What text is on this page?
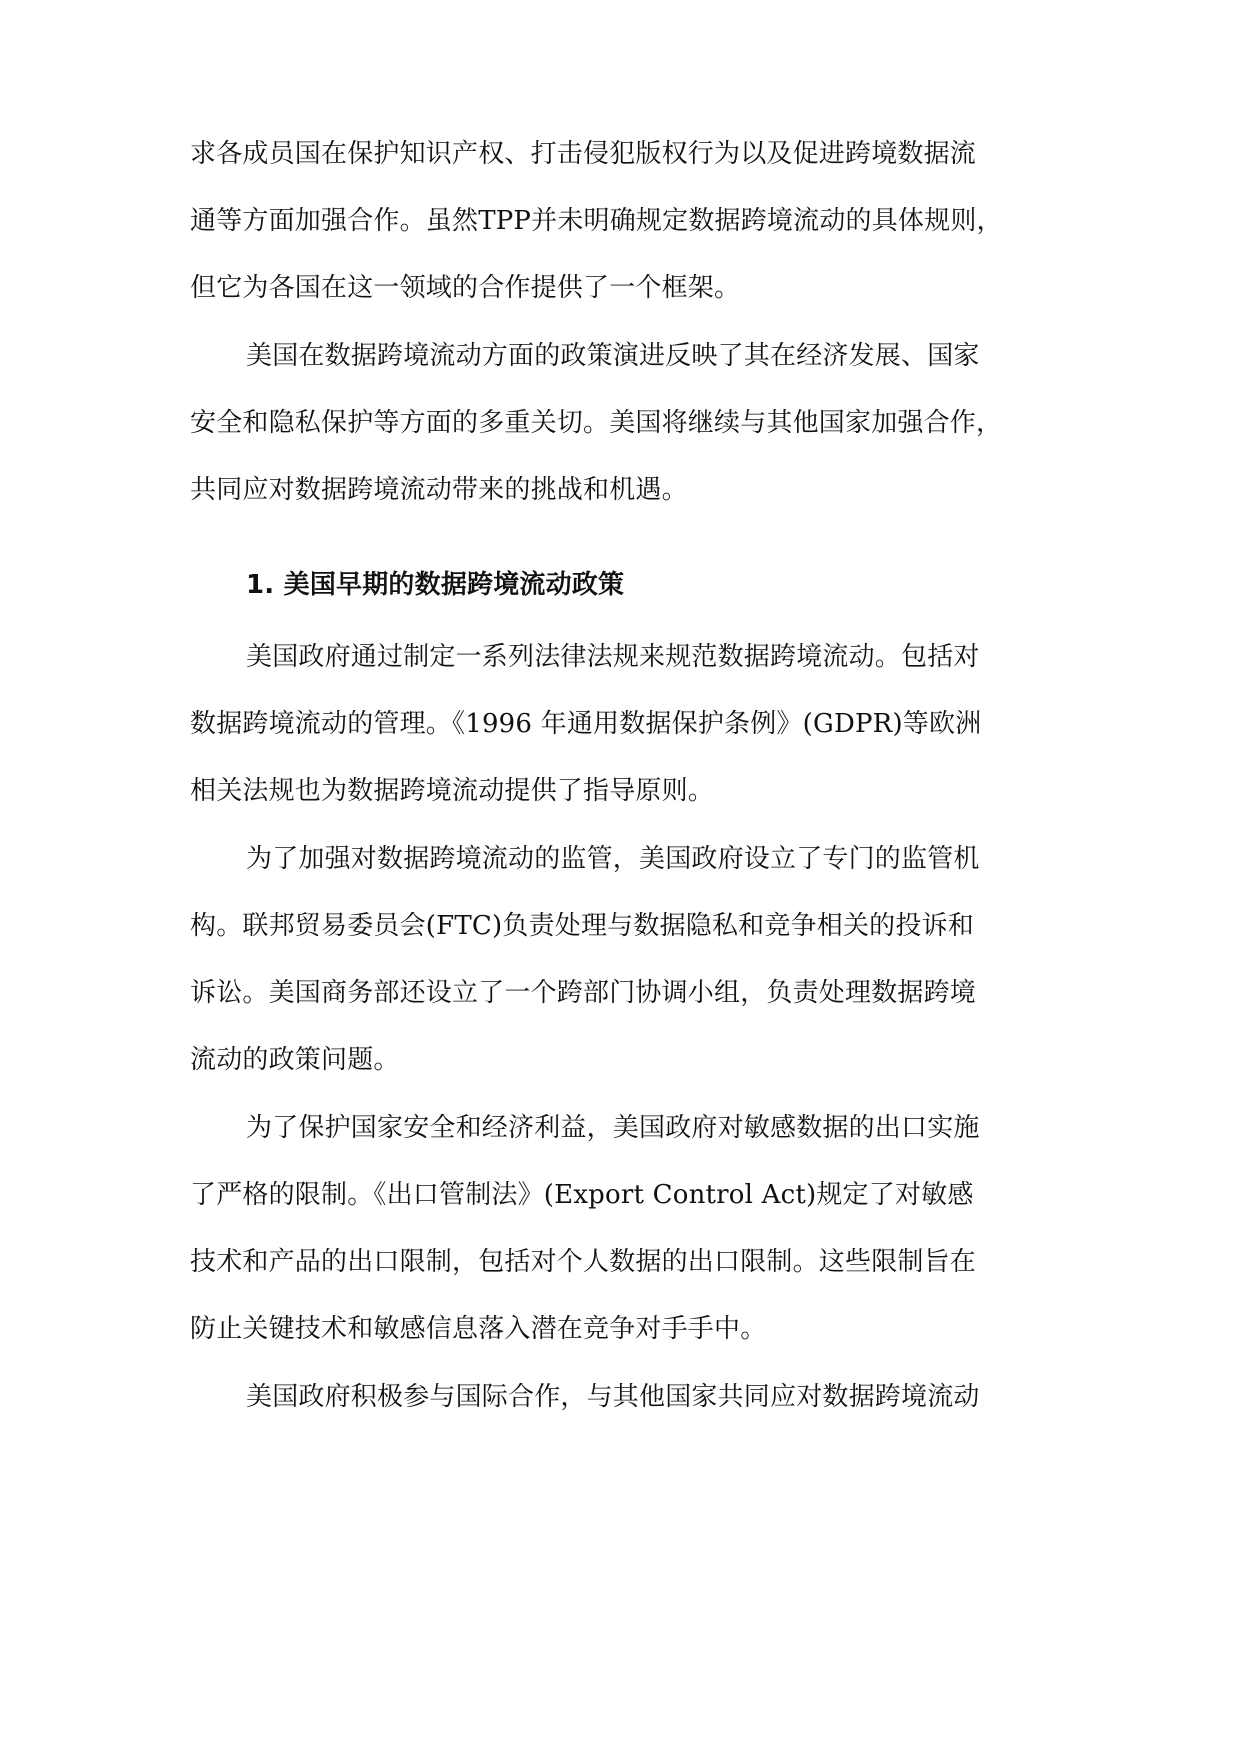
求各成员国在保护知识产权、打击侵犯版权行为以及促进跨境数据流
通等方面加强合作。虽然TPP并未明确规定数据跨境流动的具体规则，
但它为各国在这一领域的合作提供了一个框架。
美国在数据跨境流动方面的政策演进反映了其在经济发展、国家
安全和隐私保护等方面的多重关切。美国将继续与其他国家加强合作，
共同应对数据跨境流动带来的挑战和机遇。
1. 美国早期的数据跨境流动政策
美国政府通过制定一系列法律法规来规范数据跨境流动。包括对
数据跨境流动的管理。《1996 年通用数据保护条例》(GDPR)等欧洲
相关法规也为数据跨境流动提供了指导原则。
为了加强对数据跨境流动的监管，美国政府设立了专门的监管机
构。联邦贸易委员会(FTC)负责处理与数据隐私和竞争相关的投诉和
诉讼。美国商务部还设立了一个跨部门协调小组，负责处理数据跨境
流动的政策问题。
为了保护国家安全和经济利益，美国政府对敏感数据的出口实施
了严格的限制。《出口管制法》(Export Control Act)规定了对敏感
技术和产品的出口限制，包括对个人数据的出口限制。这些限制旨在
防止关键技术和敏感信息落入潜在竞争对手手中。
美国政府积极参与国际合作，与其他国家共同应对数据跨境流动
